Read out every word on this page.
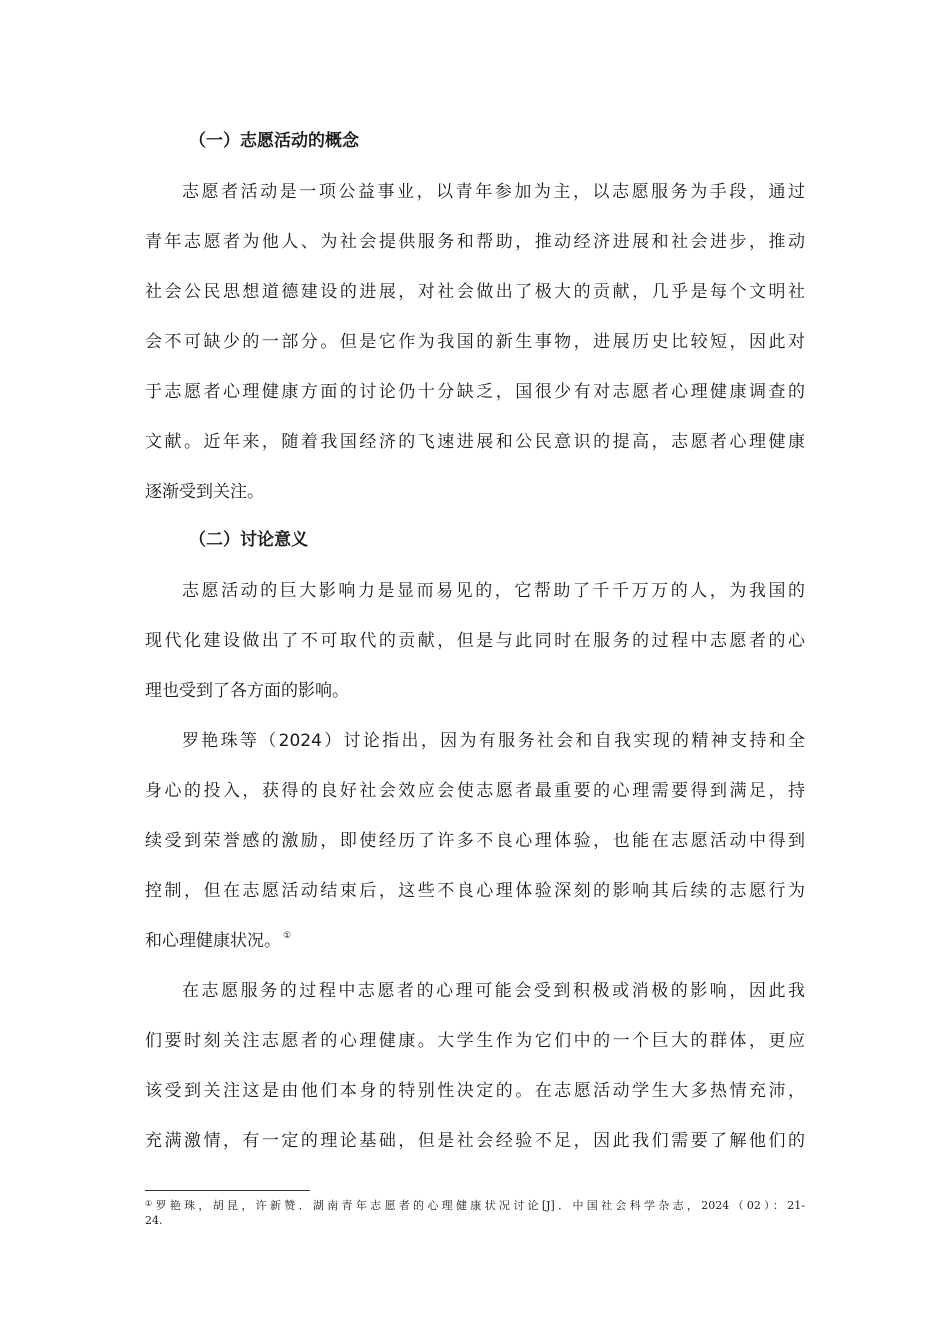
（一）志愿活动的概念
志愿者活动是一项公益事业，以青年参加为主，以志愿服务为手段，通过
青年志愿者为他人、为社会提供服务和帮助，推动经济进展和社会进步，推动
社会公民思想道德建设的进展，对社会做出了极大的贡献，几乎是每个文明社
会不可缺少的一部分。但是它作为我国的新生事物，进展历史比较短，因此对
于志愿者心理健康方面的讨论仍十分缺乏，国很少有对志愿者心理健康调查的
文献。近年来，随着我国经济的飞速进展和公民意识的提高，志愿者心理健康
逐渐受到关注。
（二）讨论意义
志愿活动的巨大影响力是显而易见的，它帮助了千千万万的人，为我国的
现代化建设做出了不可取代的贡献，但是与此同时在服务的过程中志愿者的心
理也受到了各方面的影响。
罗艳珠等（2024）讨论指出，因为有服务社会和自我实现的精神支持和全
身心的投入，获得的良好社会效应会使志愿者最重要的心理需要得到满足，持
续受到荣誉感的激励，即使经历了许多不良心理体验，也能在志愿活动中得到
控制，但在志愿活动结束后，这些不良心理体验深刻的影响其后续的志愿行为
和心理健康状况。 ①
在志愿服务的过程中志愿者的心理可能会受到积极或消极的影响，因此我
们要时刻关注志愿者的心理健康。大学生作为它们中的一个巨大的群体，更应
该受到关注这是由他们本身的特别性决定的。在志愿活动学生大多热情充沛，
充满激情，有一定的理论基础，但是社会经验不足，因此我们需要了解他们的
①罗艳珠，胡昆，许新赞．湖南青年志愿者的心理健康状况讨论[J]．中国社会科学杂志，2024（02）：21-
24.
